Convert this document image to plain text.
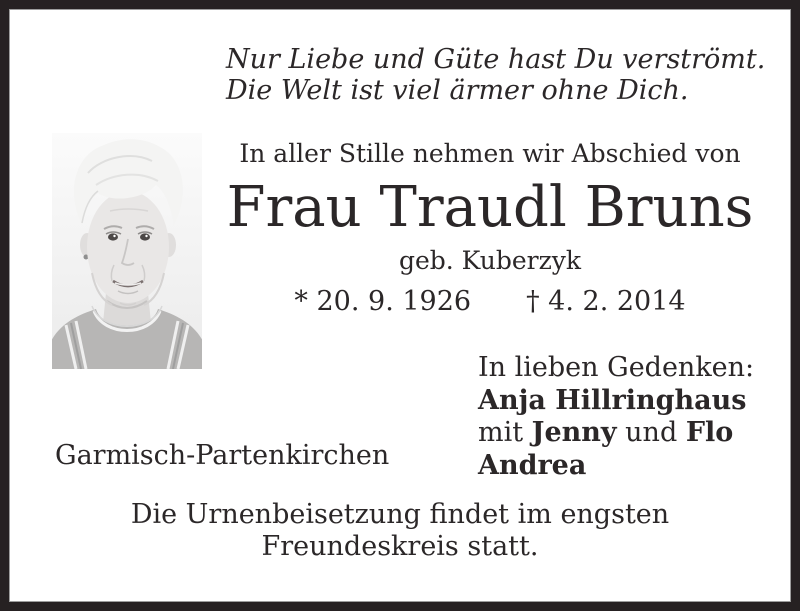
Nur Liebe und Güte hast Du verströmt.
Die Welt ist viel ärmer ohne Dich.
In aller Stille nehmen wir Abschied von
Frau Traudl Bruns
geb. Kuberzyk
* 20. 9. 1926 † 4. 2. 2014
In lieben Gedenken:
Anja Hillringhaus
mit Jenny und Flo
Andrea
Garmisch-Partenkirchen
Die Urnenbeisetzung findet im engsten
Freundeskreis statt.
